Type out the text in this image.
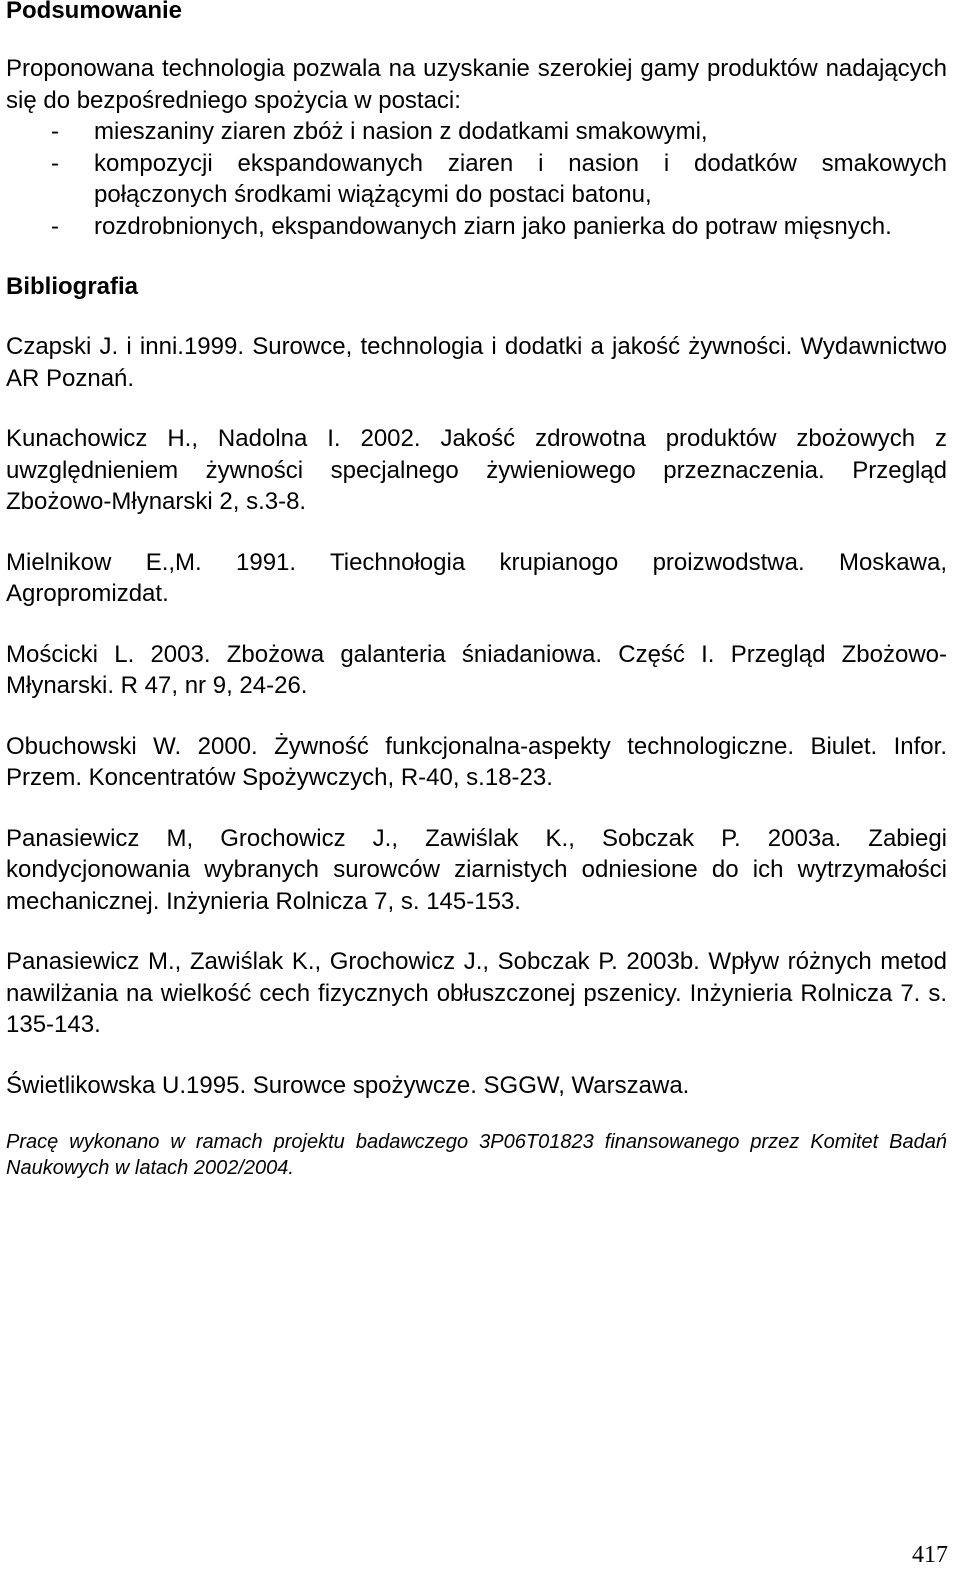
Podsumowanie

Proponowana technologia pozwala na uzyskanie szerokiej gamy produktów nadających się do bezpośredniego spożycia w postaci:

- mieszaniny ziaren zbóż i nasion z dodatkami smakowymi,
- kompozycji ekspandowanych ziaren i nasion i dodatków smakowych połączonych środkami wiążącymi do postaci batonu,
- rozdrobnionych, ekspandowanych ziarn jako panierka do potraw mięsnych.
Bibliografia

Czapski J. i inni.1999. Surowce, technologia i dodatki a jakość żywności. Wydawnictwo AR Poznań.

Kunachowicz H., Nadolna I. 2002. Jakość zdrowotna produktów zbożowych z uwzględnieniem żywności specjalnego żywieniowego przeznaczenia. Przegląd Zbożowo-Młynarski 2, s.3-8.

Mielnikow E.,M. 1991. Tiechnołogia krupianogo proizwodstwa. Moskawa, Agropromizdat.

Mościcki L. 2003. Zbożowa galanteria śniadaniowa. Część I. Przegląd Zbożowo-Młynarski. R 47, nr 9, 24-26.

Obuchowski W. 2000. Żywność funkcjonalna-aspekty technologiczne. Biulet. Infor. Przem. Koncentratów Spożywczych, R-40, s.18-23.

Panasiewicz M, Grochowicz J., Zawiślak K., Sobczak P. 2003a. Zabiegi kondycjonowania wybranych surowców ziarnistych odniesione do ich wytrzymałości mechanicznej. Inżynieria Rolnicza 7, s. 145-153.

Panasiewicz M., Zawiślak K., Grochowicz J., Sobczak P. 2003b. Wpływ różnych metod nawilżania na wielkość cech fizycznych obłuszczonej pszenicy. Inżynieria Rolnicza 7. s. 135-143.

Świetlikowska U.1995. Surowce spożywcze. SGGW, Warszawa.

Pracę wykonano w ramach projektu badawczego 3P06T01823 finansowanego przez Komitet Badań Naukowych w latach 2002/2004.

417
